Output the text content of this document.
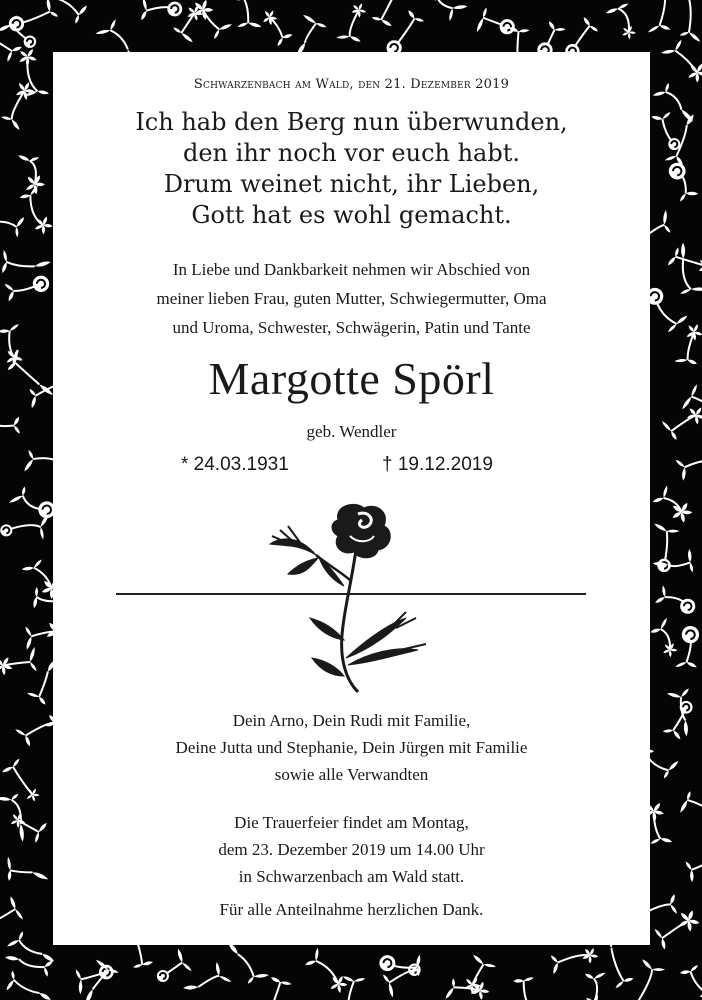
Schwarzenbach am Wald, den 21. Dezember 2019
Ich hab den Berg nun überwunden,
den ihr noch vor euch habt.
Drum weinet nicht, ihr Lieben,
Gott hat es wohl gemacht.
In Liebe und Dankbarkeit nehmen wir Abschied von
meiner lieben Frau, guten Mutter, Schwiegermutter, Oma
und Uroma, Schwester, Schwägerin, Patin und Tante
Margotte Spörl
geb. Wendler
* 24.03.1931	† 19.12.2019
Dein Arno, Dein Rudi mit Familie,
Deine Jutta und Stephanie, Dein Jürgen mit Familie
sowie alle Verwandten
Die Trauerfeier findet am Montag,
dem 23. Dezember 2019 um 14.00 Uhr
in Schwarzenbach am Wald statt.
Für alle Anteilnahme herzlichen Dank.
